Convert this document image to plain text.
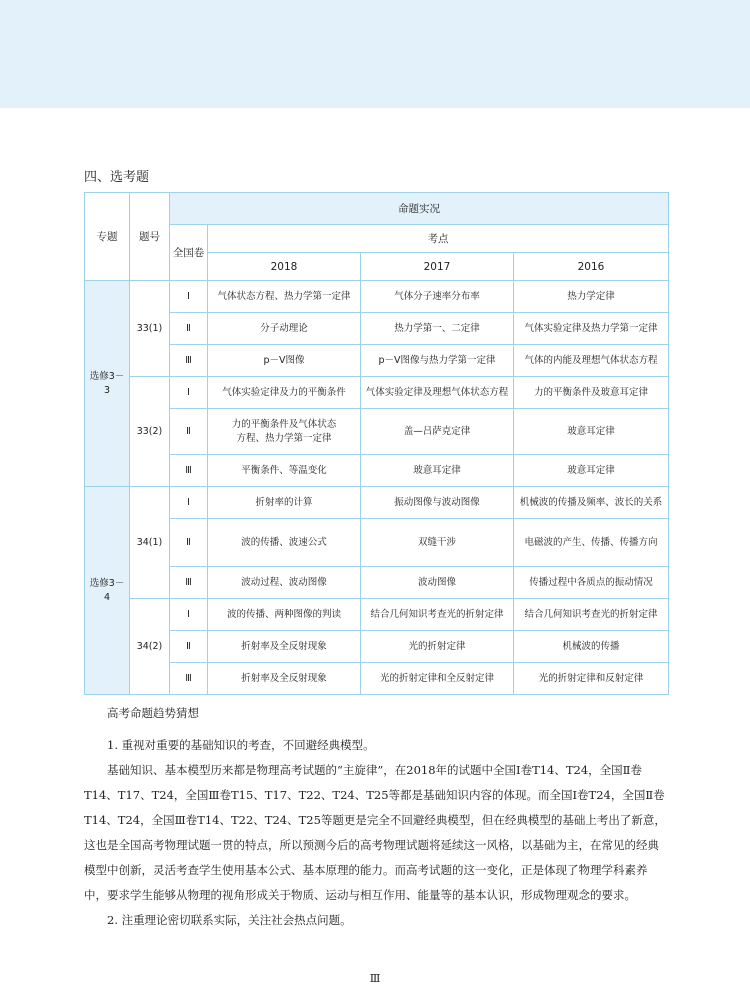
四、选考题
专题	题号	命题实况			
		全国卷	考点		
			2018	2017	2016
选修3－3	33(1)	Ⅰ	气体状态方程、热力学第一定律	气体分子速率分布率	热力学定律
		Ⅱ	分子动理论	热力学第一、二定律	气体实验定律及热力学第一定律
		Ⅲ	p－V图像	p－V图像与热力学第一定律	气体的内能及理想气体状态方程
	33(2)	Ⅰ	气体实验定律及力的平衡条件	气体实验定律及理想气体状态方程	力的平衡条件及玻意耳定律
		Ⅱ	力的平衡条件及气体状态
方程、热力学第一定律	盖—吕萨克定律	玻意耳定律
		Ⅲ	平衡条件、等温变化	玻意耳定律	玻意耳定律
选修3－4	34(1)	Ⅰ	折射率的计算	振动图像与波动图像	机械波的传播及频率、波长的关系
		Ⅱ	波的传播、波速公式	双缝干涉	电磁波的产生、传播、传播方向
		Ⅲ	波动过程、波动图像	波动图像	传播过程中各质点的振动情况
	34(2)	Ⅰ	波的传播、两种图像的判读	结合几何知识考查光的折射定律	结合几何知识考查光的折射定律
		Ⅱ	折射率及全反射现象	光的折射定律	机械波的传播
		Ⅲ	折射率及全反射现象	光的折射定律和全反射定律	光的折射定律和反射定律
高考命题趋势猜想

1. 重视对重要的基础知识的考查，不回避经典模型。

基础知识、基本模型历来都是物理高考试题的“主旋律”，在2018年的试题中全国Ⅰ卷T14、T24，全国Ⅱ卷T14、T17、T24，全国Ⅲ卷T15、T17、T22、T24、T25等都是基础知识内容的体现。而全国Ⅰ卷T24，全国Ⅱ卷T14、T24，全国Ⅲ卷T14、T22、T24、T25等题更是完全不回避经典模型，但在经典模型的基础上考出了新意，这也是全国高考物理试题一贯的特点，所以预测今后的高考物理试题将延续这一风格，以基础为主，在常见的经典模型中创新，灵活考查学生使用基本公式、基本原理的能力。而高考试题的这一变化，正是体现了物理学科素养中，要求学生能够从物理的视角形成关于物质、运动与相互作用、能量等的基本认识，形成物理观念的要求。

2. 注重理论密切联系实际，关注社会热点问题。

Ⅲ
